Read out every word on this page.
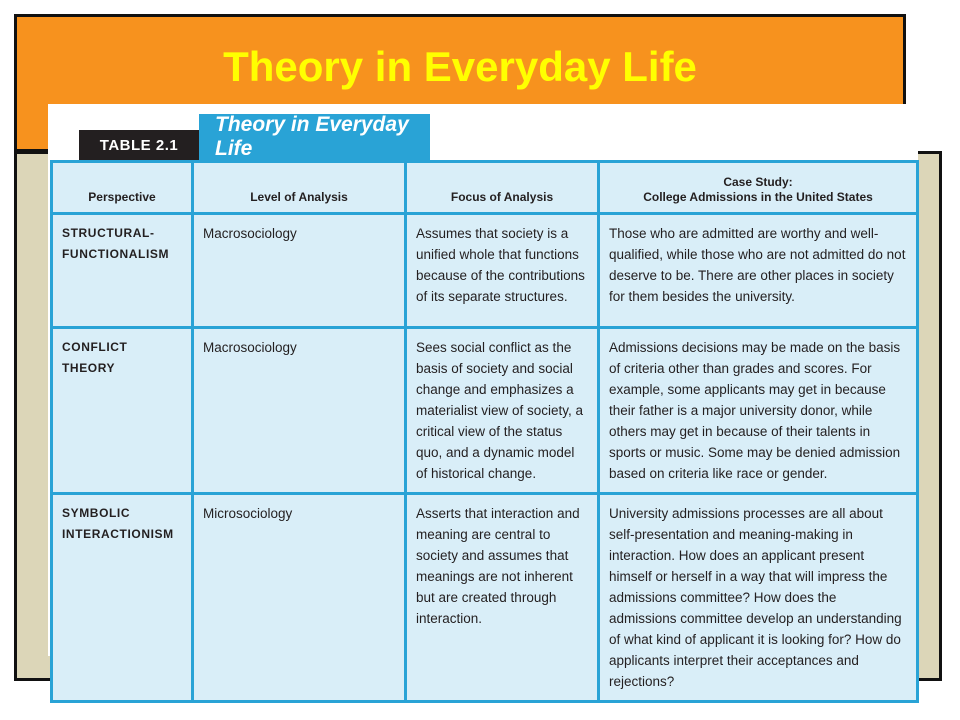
Theory in Everyday Life
TABLE 2.1
Theory in Everyday Life
Perspective	Level of Analysis	Focus of Analysis	Case Study:
College Admissions in the United States
STRUCTURAL-
FUNCTIONALISM	Macrosociology	Assumes that society is a unified whole that functions because of the contributions of its separate structures.	Those who are admitted are worthy and well-qualified, while those who are not admitted do not deserve to be. There are other places in society for them besides the university.
CONFLICT THEORY	Macrosociology	Sees social conflict as the basis of society and social change and emphasizes a materialist view of society, a critical view of the status quo, and a dynamic model of historical change.	Admissions decisions may be made on the basis of criteria other than grades and scores. For example, some applicants may get in because their father is a major university donor, while others may get in because of their talents in sports or music. Some may be denied admission based on criteria like race or gender.
SYMBOLIC
INTERACTIONISM	Microsociology	Asserts that interaction and meaning are central to society and assumes that meanings are not inherent but are created through interaction.	University admissions processes are all about self-presentation and meaning-making in interaction. How does an applicant present himself or herself in a way that will impress the admissions committee? How does the admissions committee develop an understanding of what kind of applicant it is looking for? How do applicants interpret their acceptances and rejections?
